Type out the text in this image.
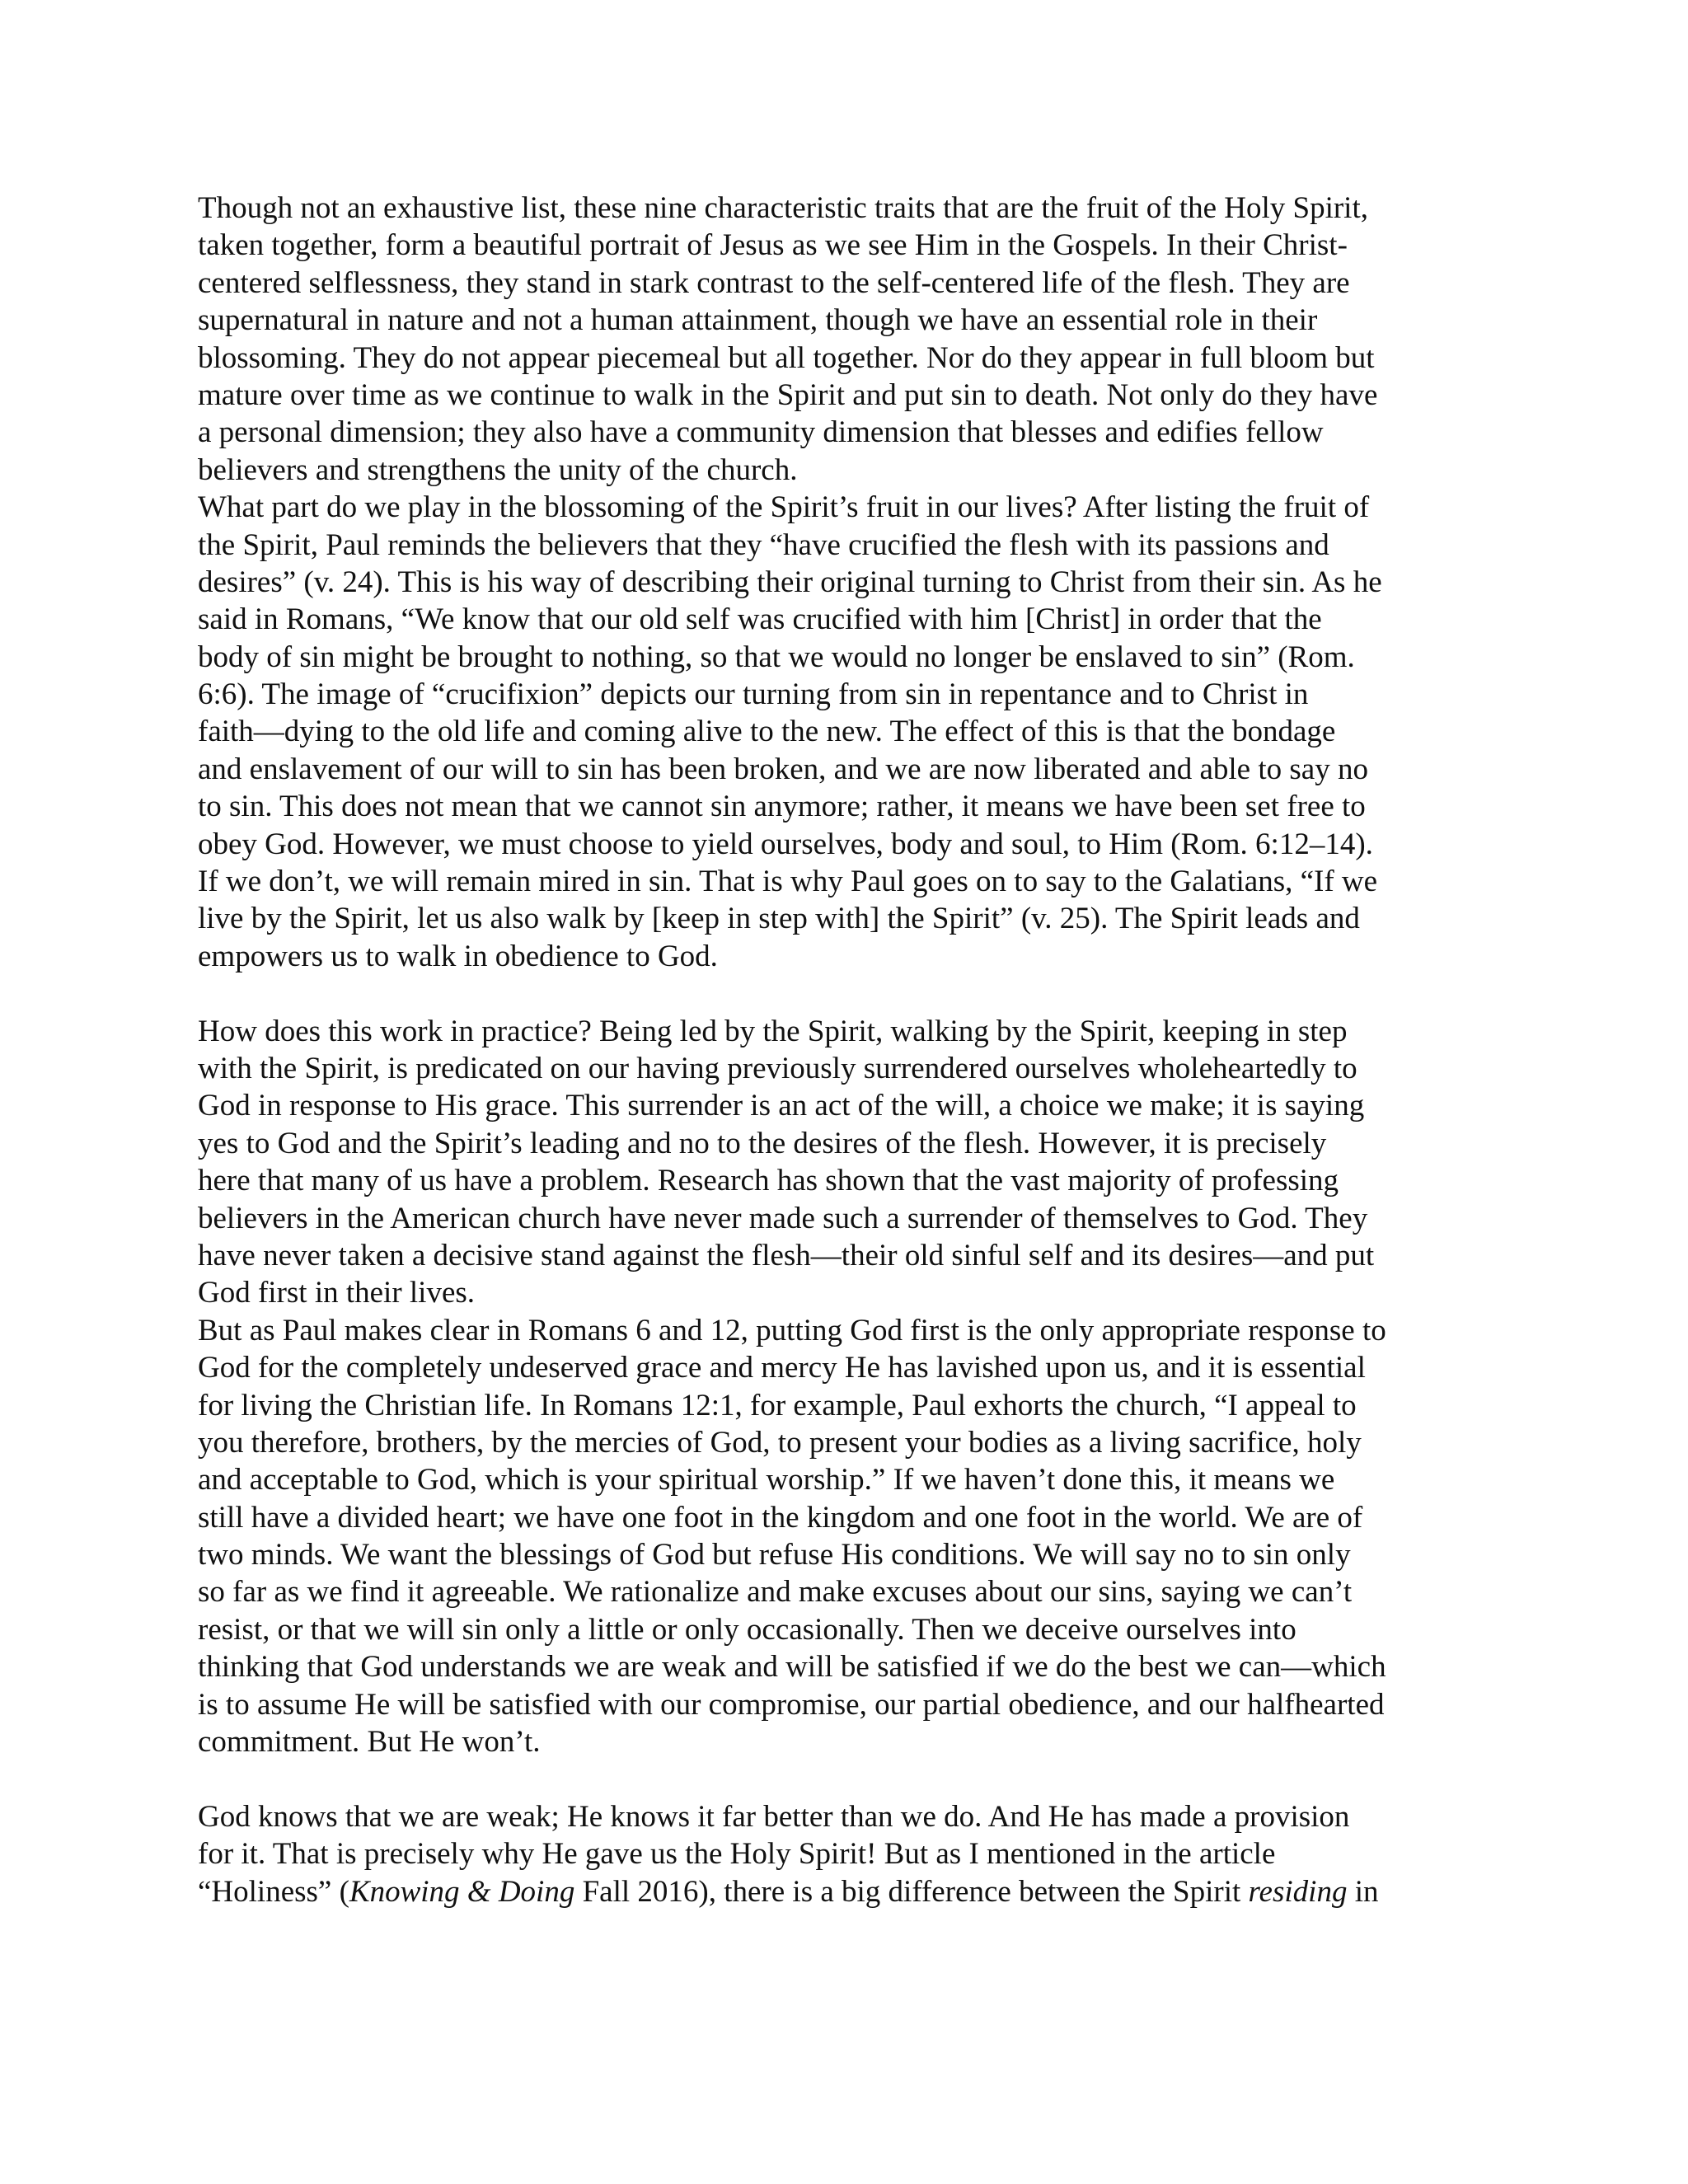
Though not an exhaustive list, these nine characteristic traits that are the fruit of the Holy Spirit,
taken together, form a beautiful portrait of Jesus as we see Him in the Gospels. In their Christ-
centered selflessness, they stand in stark contrast to the self-centered life of the flesh. They are
supernatural in nature and not a human attainment, though we have an essential role in their
blossoming. They do not appear piecemeal but all together. Nor do they appear in full bloom but
mature over time as we continue to walk in the Spirit and put sin to death. Not only do they have
a personal dimension; they also have a community dimension that blesses and edifies fellow
believers and strengthens the unity of the church.
What part do we play in the blossoming of the Spirit’s fruit in our lives? After listing the fruit of
the Spirit, Paul reminds the believers that they “have crucified the flesh with its passions and
desires” (v. 24). This is his way of describing their original turning to Christ from their sin. As he
said in Romans, “We know that our old self was crucified with him [Christ] in order that the
body of sin might be brought to nothing, so that we would no longer be enslaved to sin” (Rom.
6:6). The image of “crucifixion” depicts our turning from sin in repentance and to Christ in
faith—dying to the old life and coming alive to the new. The effect of this is that the bondage
and enslavement of our will to sin has been broken, and we are now liberated and able to say no
to sin. This does not mean that we cannot sin anymore; rather, it means we have been set free to
obey God. However, we must choose to yield ourselves, body and soul, to Him (Rom. 6:12–14).
If we don’t, we will remain mired in sin. That is why Paul goes on to say to the Galatians, “If we
live by the Spirit, let us also walk by [keep in step with] the Spirit” (v. 25). The Spirit leads and
empowers us to walk in obedience to God.
How does this work in practice? Being led by the Spirit, walking by the Spirit, keeping in step
with the Spirit, is predicated on our having previously surrendered ourselves wholeheartedly to
God in response to His grace. This surrender is an act of the will, a choice we make; it is saying
yes to God and the Spirit’s leading and no to the desires of the flesh. However, it is precisely
here that many of us have a problem. Research has shown that the vast majority of professing
believers in the American church have never made such a surrender of themselves to God. They
have never taken a decisive stand against the flesh—their old sinful self and its desires—and put
God first in their lives.
But as Paul makes clear in Romans 6 and 12, putting God first is the only appropriate response to
God for the completely undeserved grace and mercy He has lavished upon us, and it is essential
for living the Christian life. In Romans 12:1, for example, Paul exhorts the church, “I appeal to
you therefore, brothers, by the mercies of God, to present your bodies as a living sacrifice, holy
and acceptable to God, which is your spiritual worship.” If we haven’t done this, it means we
still have a divided heart; we have one foot in the kingdom and one foot in the world. We are of
two minds. We want the blessings of God but refuse His conditions. We will say no to sin only
so far as we find it agreeable. We rationalize and make excuses about our sins, saying we can’t
resist, or that we will sin only a little or only occasionally. Then we deceive ourselves into
thinking that God understands we are weak and will be satisfied if we do the best we can—which
is to assume He will be satisfied with our compromise, our partial obedience, and our halfhearted
commitment. But He won’t.
God knows that we are weak; He knows it far better than we do. And He has made a provision
for it. That is precisely why He gave us the Holy Spirit! But as I mentioned in the article
“Holiness” (Knowing & Doing Fall 2016), there is a big difference between the Spirit residing in
